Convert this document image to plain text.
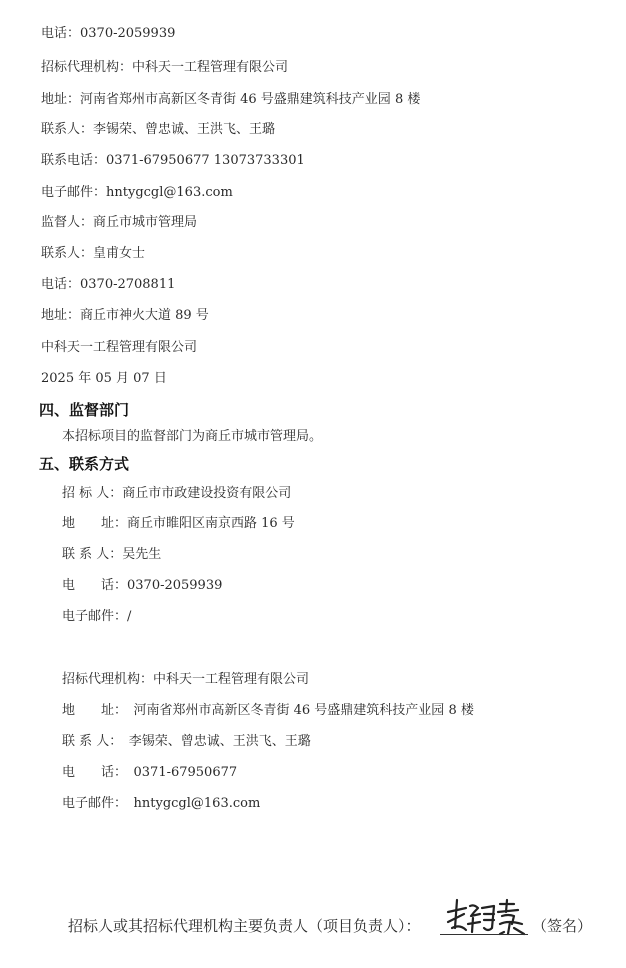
电话：0370-2059939
招标代理机构：中科天一工程管理有限公司
地址：河南省郑州市高新区冬青街 46 号盛鼎建筑科技产业园 8 楼
联系人：李锡荣、曾忠诚、王洪飞、王璐
联系电话：0371-67950677 13073733301
电子邮件：hntygcgl@163.com
监督人：商丘市城市管理局
联系人：皇甫女士
电话：0370-2708811
地址：商丘市神火大道 89 号
中科天一工程管理有限公司
2025 年 05 月 07 日
四、监督部门
本招标项目的监督部门为商丘市城市管理局。
五、联系方式
招 标 人：商丘市市政建设投资有限公司
地　　址：商丘市睢阳区南京西路 16 号
联 系 人：吴先生
电　　话：0370-2059939
电子邮件：/
招标代理机构：中科天一工程管理有限公司
地　　址：　河南省郑州市高新区冬青街 46 号盛鼎建筑科技产业园 8 楼
联 系 人：　李锡荣、曾忠诚、王洪飞、王璐
电　　话：　0371-67950677
电子邮件：　hntygcgl@163.com
招标人或其招标代理机构主要负责人（项目负责人）：	（签名）
